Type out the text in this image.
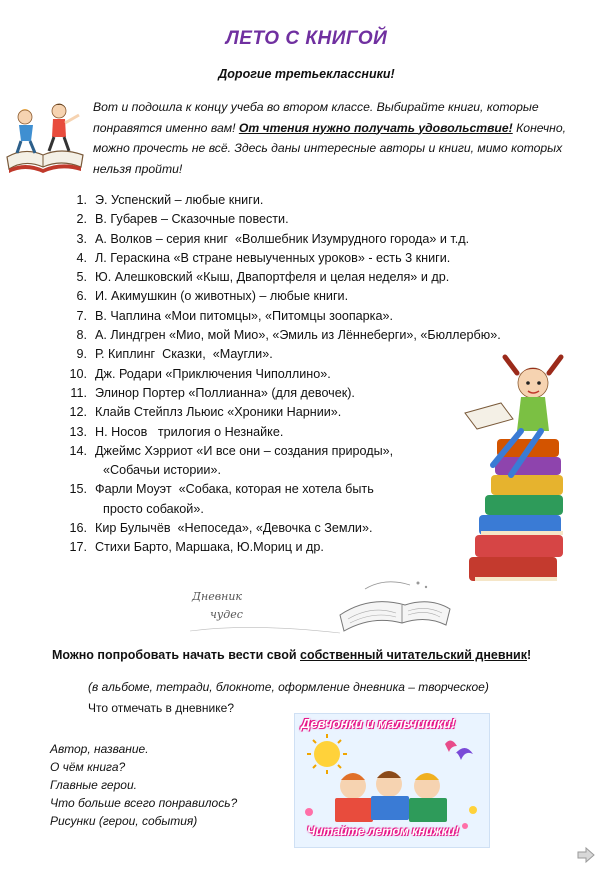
ЛЕТО С КНИГОЙ
Дорогие третьеклассники!
Вот и подошла к концу учеба во втором классе. Выбирайте книги, которые понравятся именно вам! От чтения нужно получать удовольствие! Конечно, можно прочесть не всё. Здесь даны интересные авторы и книги, мимо которых нельзя пройти!
1. Э. Успенский – любые книги.
2. В. Губарев – Сказочные повести.
3. А. Волков – серия книг  «Волшебник Изумрудного города» и т.д.
4. Л. Гераскина «В стране невыученных уроков» - есть 3 книги.
5. Ю. Алешковский «Кыш, Двапортфеля и целая неделя» и др.
6. И. Акимушкин (о животных) – любые книги.
7. В. Чаплина «Мои питомцы», «Питомцы зоопарка».
8. А. Линдгрен «Мио, мой Мио», «Эмиль из Лённеберги», «Бюллербю».
9. Р. Киплинг  Сказки,  «Маугли».
10. Дж. Родари «Приключения Чиполлино».
11. Элинор Портер «Поллианна» (для девочек).
12. Клайв Стейплз Льюис «Хроники Нарнии».
13. Н. Носов   трилогия о Незнайке.
14. Джеймс Хэрриот «И все они – создания природы»,
«Собачьи истории».
15. Фарли Моуэт  «Собака, которая не хотела быть
просто собакой».
16. Кир Булычёв  «Непоседа», «Девочка с Земли».
17. Стихи Барто, Маршака, Ю.Мориц и др.
Дневник
чудес
Можно попробовать начать вести свой собственный читательский дневник!
(в альбоме, тетради, блокноте, оформление дневника – творческое)
Что отмечать в дневнике?
Автор, название.
О чём книга?
Главные герои.
Что больше всего понравилось?
Рисунки (герои, события)
Девчонки и мальчишки!
Читайте летом книжки!
